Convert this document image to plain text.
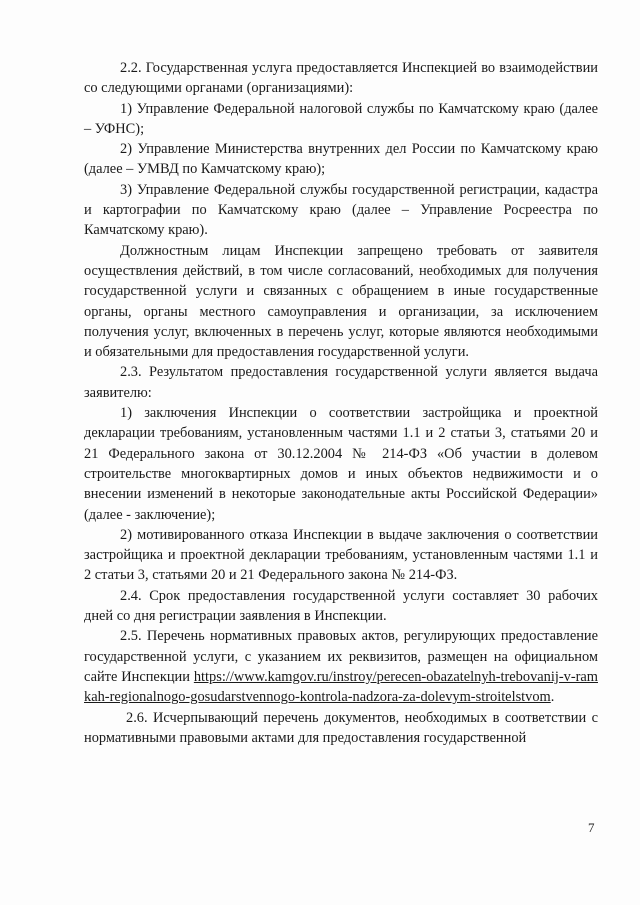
2.2. Государственная услуга предоставляется Инспекцией во взаимодействии со следующими органами (организациями):

1) Управление Федеральной налоговой службы по Камчатскому краю (далее – УФНС);

2) Управление Министерства внутренних дел России по Камчатскому краю (далее – УМВД по Камчатскому краю);

3) Управление Федеральной службы государственной регистрации, кадастра и картографии по Камчатскому краю (далее – Управление Росреестра по Камчатскому краю).

Должностным лицам Инспекции запрещено требовать от заявителя осуществления действий, в том числе согласований, необходимых для получения государственной услуги и связанных с обращением в иные государственные органы, органы местного самоуправления и организации, за исключением получения услуг, включенных в перечень услуг, которые являются необходимыми и обязательными для предоставления государственной услуги.

2.3. Результатом предоставления государственной услуги является выдача заявителю:

1) заключения Инспекции о соответствии застройщика и проектной декларации требованиям, установленным частями 1.1 и 2 статьи 3, статьями 20 и 21 Федерального закона от 30.12.2004 № 214-ФЗ «Об участии в долевом строительстве многоквартирных домов и иных объектов недвижимости и о внесении изменений в некоторые законодательные акты Российской Федерации» (далее - заключение);

2) мотивированного отказа Инспекции в выдаче заключения о соответствии застройщика и проектной декларации требованиям, установленным частями 1.1 и 2 статьи 3, статьями 20 и 21 Федерального закона № 214-ФЗ.

2.4. Срок предоставления государственной услуги составляет 30 рабочих дней со дня регистрации заявления в Инспекции.

2.5. Перечень нормативных правовых актов, регулирующих предоставление государственной услуги, с указанием их реквизитов, размещен на официальном сайте Инспекции https://www.kamgov.ru/instroy/perecen-obazatelnyh-trebovanij-v-ramkah-regionalnogo-gosudarstvennogo-kontrola-nadzora-za-dolevym-stroitelstvom.

2.6. Исчерпывающий перечень документов, необходимых в соответствии с нормативными правовыми актами для предоставления государственной

7
